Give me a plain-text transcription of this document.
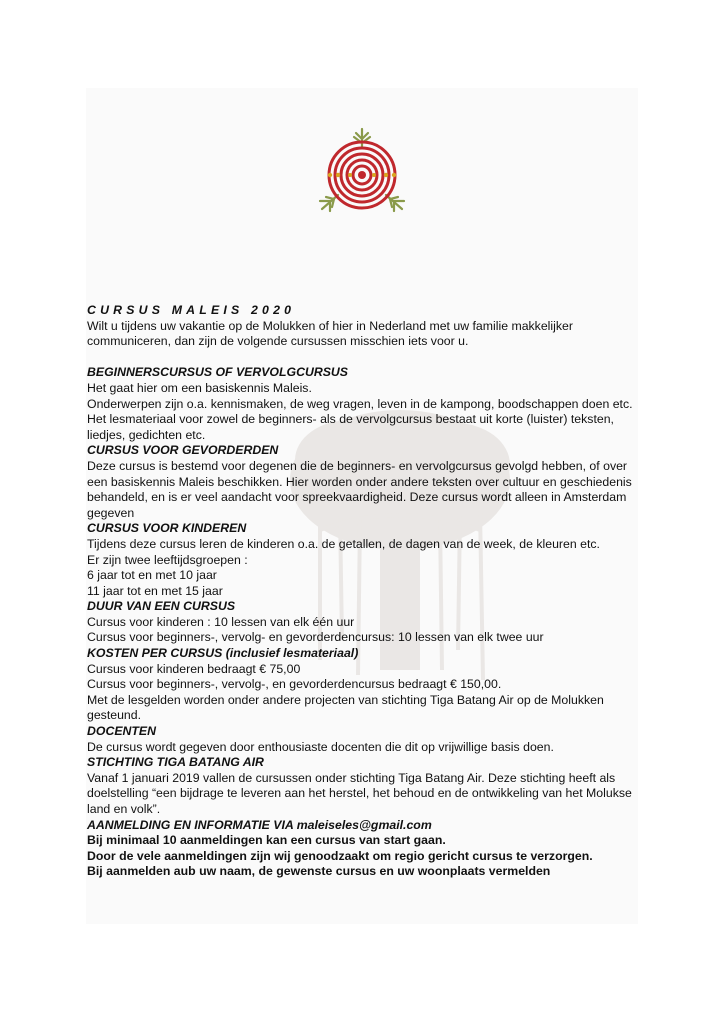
CURSUS MALEIS 2020
Wilt u tijdens uw vakantie op de Molukken of hier in Nederland met uw familie makkelijker
communiceren, dan zijn de volgende cursussen misschien iets voor u.
BEGINNERSCURSUS OF VERVOLGCURSUS
Het gaat hier om een basiskennis Maleis.
Onderwerpen zijn o.a. kennismaken, de weg vragen, leven in de kampong, boodschappen doen etc.
Het lesmateriaal voor zowel de beginners- als de vervolgcursus bestaat uit korte (luister) teksten,
liedjes, gedichten etc.
CURSUS VOOR GEVORDERDEN
Deze cursus is bestemd voor degenen die de beginners- en vervolgcursus gevolgd hebben, of over
een basiskennis Maleis beschikken. Hier worden onder andere teksten over cultuur en geschiedenis
behandeld, en is er veel aandacht voor spreekvaardigheid. Deze cursus wordt alleen in Amsterdam
gegeven
CURSUS VOOR KINDEREN
Tijdens deze cursus leren de kinderen o.a. de getallen, de dagen van de week, de kleuren etc.
Er zijn twee leeftijdsgroepen :
6 jaar tot en met 10 jaar
11 jaar tot en met 15 jaar
DUUR VAN EEN CURSUS
Cursus voor kinderen : 10 lessen van elk één uur
Cursus voor beginners-, vervolg- en gevorderdencursus: 10 lessen van elk twee uur
KOSTEN PER CURSUS (inclusief lesmateriaal)
Cursus voor kinderen bedraagt € 75,00
Cursus voor beginners-, vervolg-, en gevorderdencursus bedraagt € 150,00.
Met de lesgelden worden onder andere projecten van stichting Tiga Batang Air op de Molukken
gesteund.
DOCENTEN
De cursus wordt gegeven door enthousiaste docenten die dit op vrijwillige basis doen.
STICHTING TIGA BATANG AIR
Vanaf 1 januari 2019 vallen de cursussen onder stichting Tiga Batang Air. Deze stichting heeft als
doelstelling “een bijdrage te leveren aan het herstel, het behoud en de ontwikkeling van het Molukse
land en volk”.
AANMELDING EN INFORMATIE VIA maleiseles@gmail.com
Bij minimaal 10 aanmeldingen kan een cursus van start gaan.
Door de vele aanmeldingen zijn wij genoodzaakt om regio gericht cursus te verzorgen.
Bij aanmelden aub uw naam, de gewenste cursus en uw woonplaats vermelden
